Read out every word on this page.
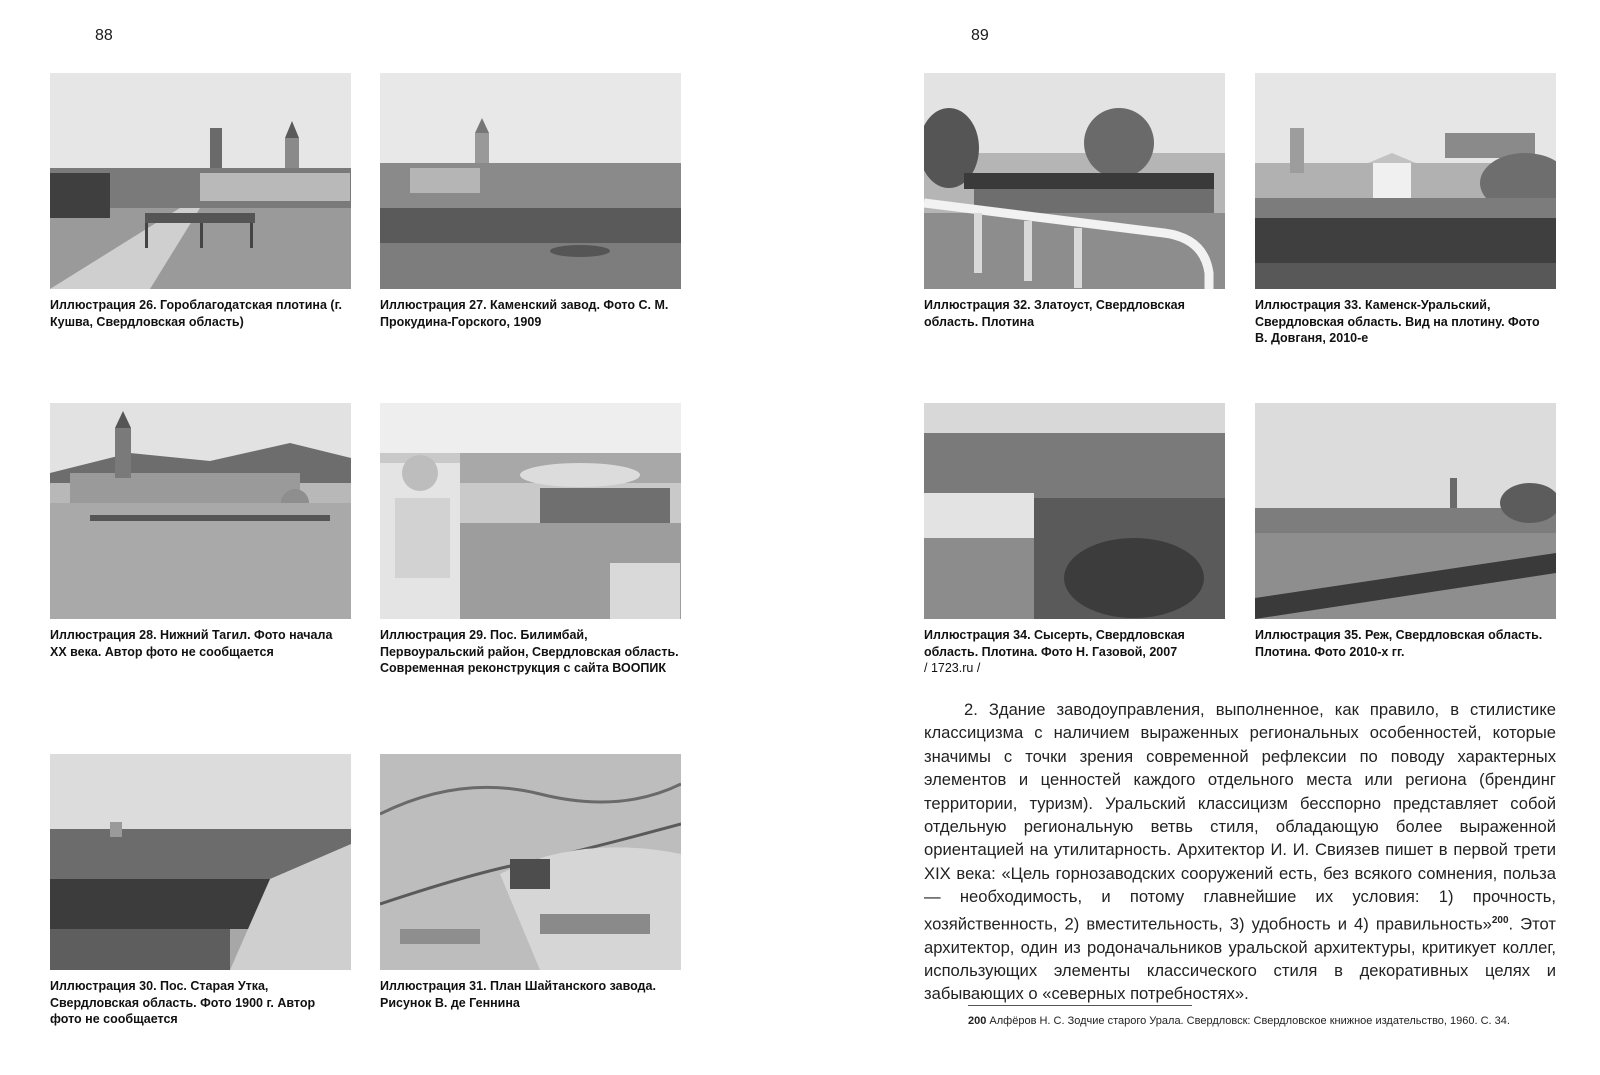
88	89
Иллюстрация 26. Гороблагодатская плотина (г. Кушва, Свердловская область)
Иллюстрация 27. Каменский завод. Фото С. М. Прокудина-Горского, 1909
Иллюстрация 28. Нижний Тагил. Фото начала XX века. Автор фото не сообщается
Иллюстрация 29. Пос. Билимбай, Первоуральский район, Свердловская область. Современная реконструкция с сайта ВООПИК
Иллюстрация 30. Пос. Старая Утка, Свердловская область. Фото 1900 г. Автор фото не сообщается
Иллюстрация 31. План Шайтанского завода. Рисунок В. де Геннина
Иллюстрация 32. Златоуст, Свердловская область. Плотина
Иллюстрация 33. Каменск-Уральский, Свердловская область. Вид на плотину. Фото В. Довганя, 2010-е
Иллюстрация 34. Сысерть, Свердловская область. Плотина. Фото Н. Газовой, 2007
/ 1723.ru /
Иллюстрация 35. Реж, Свердловская область. Плотина. Фото 2010-х гг.

2. Здание заводоуправления, выполненное, как правило, в стилистике классицизма с наличием выраженных региональных особенностей, которые значимы с точки зрения современной рефлексии по поводу характерных элементов и ценностей каждого отдельного места или региона (брендинг территории, туризм). Уральский классицизм бесспорно представляет собой отдельную региональную ветвь стиля, обладающую более выраженной ориентацией на утилитарность. Архитектор И. И. Свиязев пишет в первой трети XIX века: «Цель горнозаводских сооружений есть, без всякого сомнения, польза — необходимость, и потому главнейшие их условия: 1) прочность, хозяйственность, 2) вместительность, 3) удобность и 4) правильность»$^{200}$. Этот архитектор, один из родоначальников уральской архитектуры, критикует коллег, использующих элементы классического стиля в декоративных целях и забывающих о «северных потребностях».

200 Алфёров Н. С. Зодчие старого Урала. Свердловск: Свердловское книжное издательство, 1960. С. 34.
